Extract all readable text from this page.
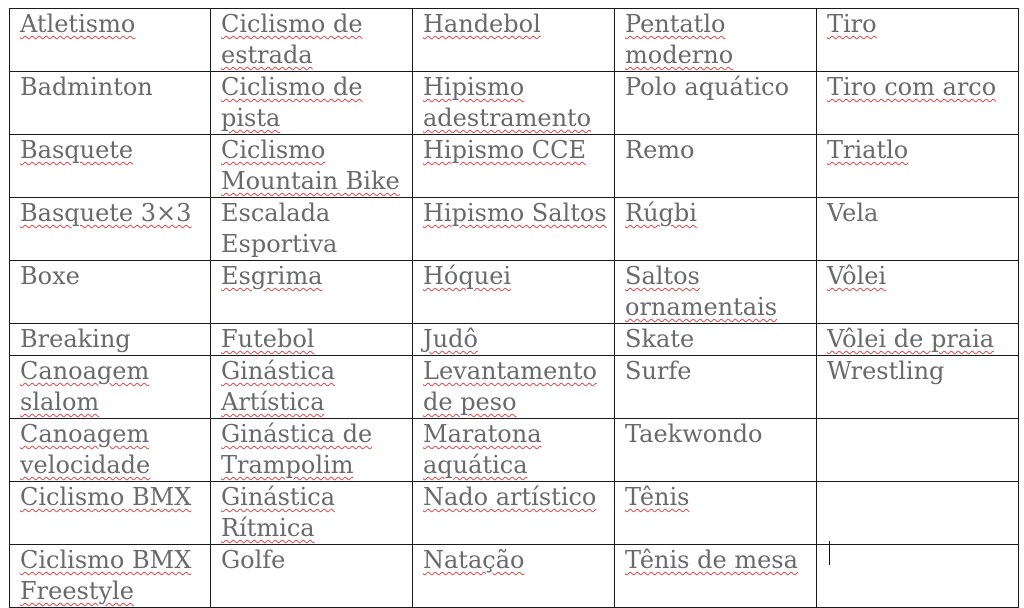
Atletismo	Ciclismo de estrada	Handebol	Pentatlo moderno	Tiro
Badminton	Ciclismo de pista	Hipismo adestramento	Polo aquático	Tiro com arco
Basquete	Ciclismo Mountain Bike	Hipismo CCE	Remo	Triatlo
Basquete 3×3	Escalada Esportiva	Hipismo Saltos	Rúgbi	Vela
Boxe	Esgrima	Hóquei	Saltos ornamentais	Vôlei
Breaking	Futebol	Judô	Skate	Vôlei de praia
Canoagem slalom	Ginástica Artística	Levantamento de peso	Surfe	Wrestling
Canoagem velocidade	Ginástica de Trampolim	Maratona aquática	Taekwondo	
Ciclismo BMX	Ginástica Rítmica	Nado artístico	Tênis	
Ciclismo BMX Freestyle	Golfe	Natação	Tênis de mesa	
